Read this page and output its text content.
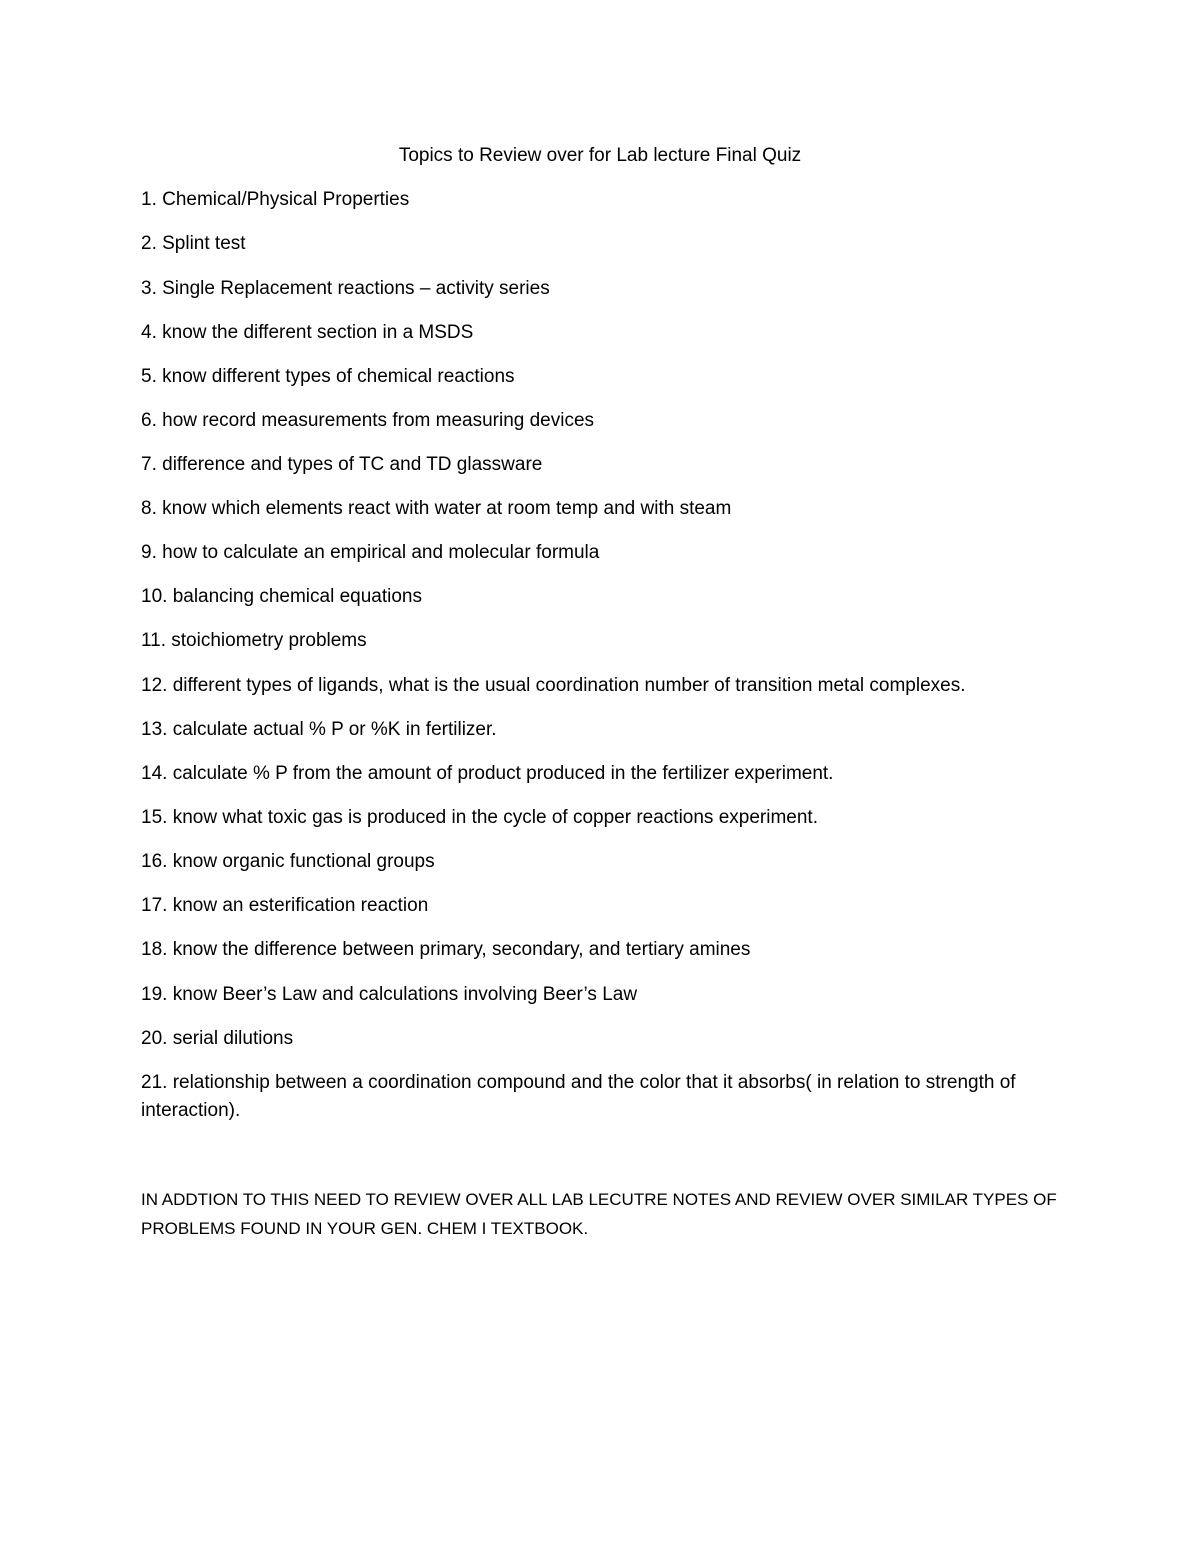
Topics to Review over for Lab lecture Final Quiz
1. Chemical/Physical Properties
2. Splint test
3. Single Replacement reactions – activity series
4. know the different section in a MSDS
5. know different types of chemical reactions
6. how record measurements from measuring devices
7. difference and types of TC and TD glassware
8. know which elements react with water at room temp and with steam
9. how to calculate an empirical and molecular formula
10. balancing chemical equations
11. stoichiometry problems
12. different types of ligands, what is the usual coordination number of transition metal complexes.
13. calculate actual % P or %K in fertilizer.
14. calculate % P from the amount of product produced in the fertilizer experiment.
15. know what toxic gas is produced in the cycle of copper reactions experiment.
16. know organic functional groups
17. know an esterification reaction
18. know the difference between primary, secondary, and tertiary amines
19. know Beer’s Law and calculations involving Beer’s Law
20. serial dilutions
21. relationship between a coordination compound and the color that it absorbs( in relation to strength of interaction).
IN ADDTION TO THIS NEED TO REVIEW OVER ALL LAB LECUTRE NOTES AND REVIEW OVER SIMILAR TYPES OF PROBLEMS FOUND IN YOUR GEN. CHEM I TEXTBOOK.
